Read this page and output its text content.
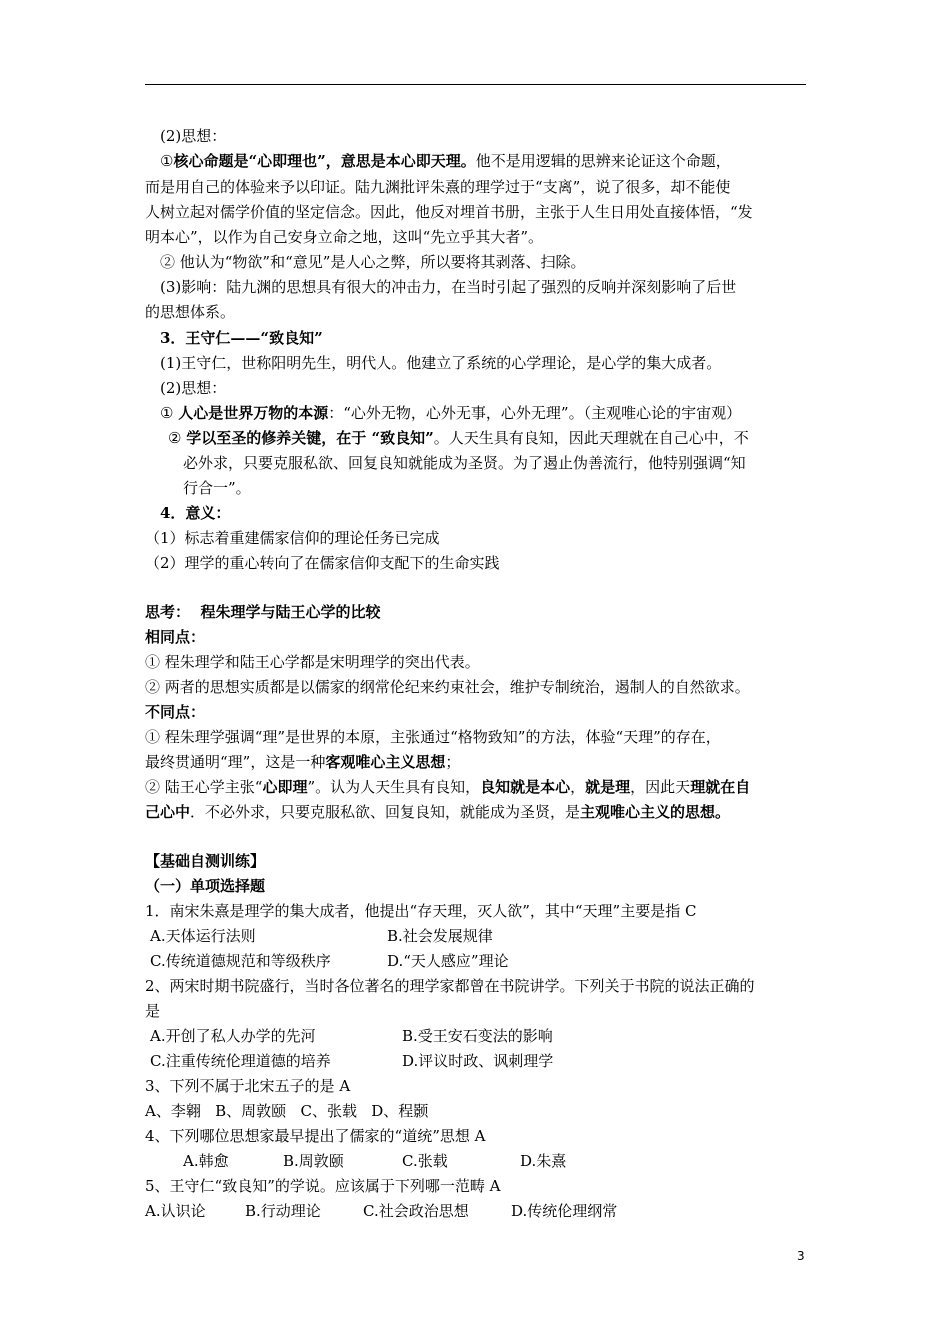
(2)思想：
①核心命题是“心即理也”，意思是本心即天理。他不是用逻辑的思辨来论证这个命题，
而是用自己的体验来予以印证。陆九渊批评朱熹的理学过于“支离”，说了很多，却不能使
人树立起对儒学价值的坚定信念。因此，他反对埋首书册，主张于人生日用处直接体悟，“发
明本心”，以作为自己安身立命之地，这叫“先立乎其大者”。
② 他认为“物欲”和“意见”是人心之弊，所以要将其剥落、扫除。
(3)影响：陆九渊的思想具有很大的冲击力，在当时引起了强烈的反响并深刻影响了后世
的思想体系。
3．王守仁——“致良知”
(1)王守仁，世称阳明先生，明代人。他建立了系统的心学理论，是心学的集大成者。
(2)思想：
① 人心是世界万物的本源：“心外无物，心外无事，心外无理”。（主观唯心论的宇宙观）
② 学以至圣的修养关键，在于 “致良知”。人天生具有良知，因此天理就在自己心中，不
必外求，只要克服私欲、回复良知就能成为圣贤。为了遏止伪善流行，他特别强调“知
行合一”。
4．意义：
（1）标志着重建儒家信仰的理论任务已完成
（2）理学的重心转向了在儒家信仰支配下的生命实践
思考：  程朱理学与陆王心学的比较
相同点：
① 程朱理学和陆王心学都是宋明理学的突出代表。
② 两者的思想实质都是以儒家的纲常伦纪来约束社会，维护专制统治，遏制人的自然欲求。
不同点：
① 程朱理学强调“理”是世界的本原，主张通过“格物致知”的方法，体验“天理”的存在，
最终贯通明“理”，这是一种客观唯心主义思想；
② 陆王心学主张“心即理”。认为人天生具有良知，良知就是本心，就是理，因此天理就在自
己心中．不必外求，只要克服私欲、回复良知，就能成为圣贤，是主观唯心主义的思想。
【基础自测训练】
（一）单项选择题
1．南宋朱熹是理学的集大成者，他提出“存天理，灭人欲”，其中“天理”主要是指 C
A.天体运行法则	B.社会发展规律
C.传统道德规范和等级秩序	D.“天人感应”理论
2、两宋时期书院盛行，当时各位著名的理学家都曾在书院讲学。下列关于书院的说法正确的
是
A.开创了私人办学的先河	B.受王安石变法的影响
C.注重传统伦理道德的培养	D.评议时政、讽刺理学
3、下列不属于北宋五子的是 A
A、李翱   B、周敦颐   C、张载   D、程颢
4、下列哪位思想家最早提出了儒家的“道统”思想 A
A.韩愈	B.周敦颐	C.张载	D.朱熹
5、王守仁“致良知”的学说。应该属于下列哪一范畴 A
A.认识论	B.行动理论	C.社会政治思想	D.传统伦理纲常
3
